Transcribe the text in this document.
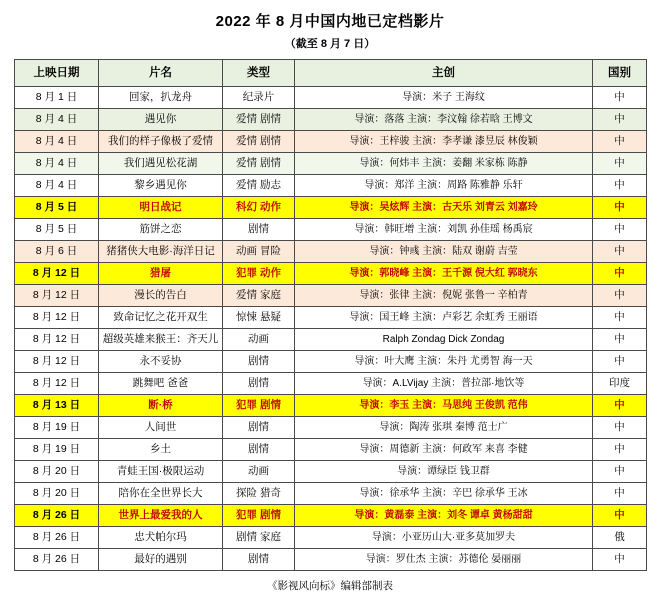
2022 年 8 月中国内地已定档影片
（截至 8 月 7 日）
上映日期	片名	类型	主创	国别
8 月 1 日	回家，扒龙舟	纪录片	导演：米子 王海纹	中
8 月 4 日	遇见你	爱情 剧情	导演：落落 主演：李汶翰 徐若晗 王博文	中
8 月 4 日	我们的样子像极了爱情	爱情 剧情	导演：王梓骏 主演：李孝谦 漆昱辰 林俊颖	中
8 月 4 日	我们遇见松花湖	爱情 剧情	导演：何炜丰 主演：姜翻 米家栋 陈静	中
8 月 4 日	黎乡遇见你	爱情 励志	导演：郑洋 主演：周路 陈雅静 乐轩	中
8 月 5 日	明日战记	科幻 动作	导演：吴炫辉 主演：古天乐 刘青云 刘嘉玲	中
8 月 5 日	筋饼之恋	剧情	导演：韩旺增 主演：刘凯 孙佳瑶 杨禹宸	中
8 月 6 日	猪猪侠大电影·海洋日记	动画 冒险	导演：钟彧 主演：陆双 谢蔚 吉莹	中
8 月 12 日	猎屠	犯罪 动作	导演：郭晓峰 主演：王千源 倪大红 郭晓东	中
8 月 12 日	漫长的告白	爱情 家庭	导演：张律 主演：倪妮 张鲁一 辛柏青	中
8 月 12 日	致命记忆之花开双生	惊悚 悬疑	导演：国王峰 主演：卢彩艺 余虹秀 王丽语	中
8 月 12 日	超级英雄来猴王：齐天儿	动画	Ralph Zondag Dick Zondag	中
8 月 12 日	永不妥协	剧情	导演：叶大鹰 主演：朱丹 尤勇智 海一天	中
8 月 12 日	跳舞吧 爸爸	剧情	导演：A.LVijay 主演：普拉部·地饮等	印度
8 月 13 日	断·桥	犯罪 剧情	导演：李玉 主演：马思纯 王俊凯 范伟	中
8 月 19 日	人间世	剧情	导演：陶涛 张琪 秦博 范士广	中
8 月 19 日	乡土	剧情	导演：周德新 主演：何政军 来喜 李健	中
8 月 20 日	青蛙王国·极限运动	动画	导演：谭绿臣 钱卫群	中
8 月 20 日	陪你在全世界长大	探险 猎奇	导演：徐承华 主演：辛巴 徐承华 王冰	中
8 月 26 日	世界上最爱我的人	犯罪 剧情	导演：黄磊泰 主演：刘冬 谭卓 黄杨甜甜	中
8 月 26 日	忠犬帕尔玛	剧情 家庭	导演：小亚历山大·亚多莫加罗夫	俄
8 月 26 日	最好的遇别	剧情	导演：罗仕杰 主演：苏德伦 晏丽丽	中
《影视风向标》编辑部制表
